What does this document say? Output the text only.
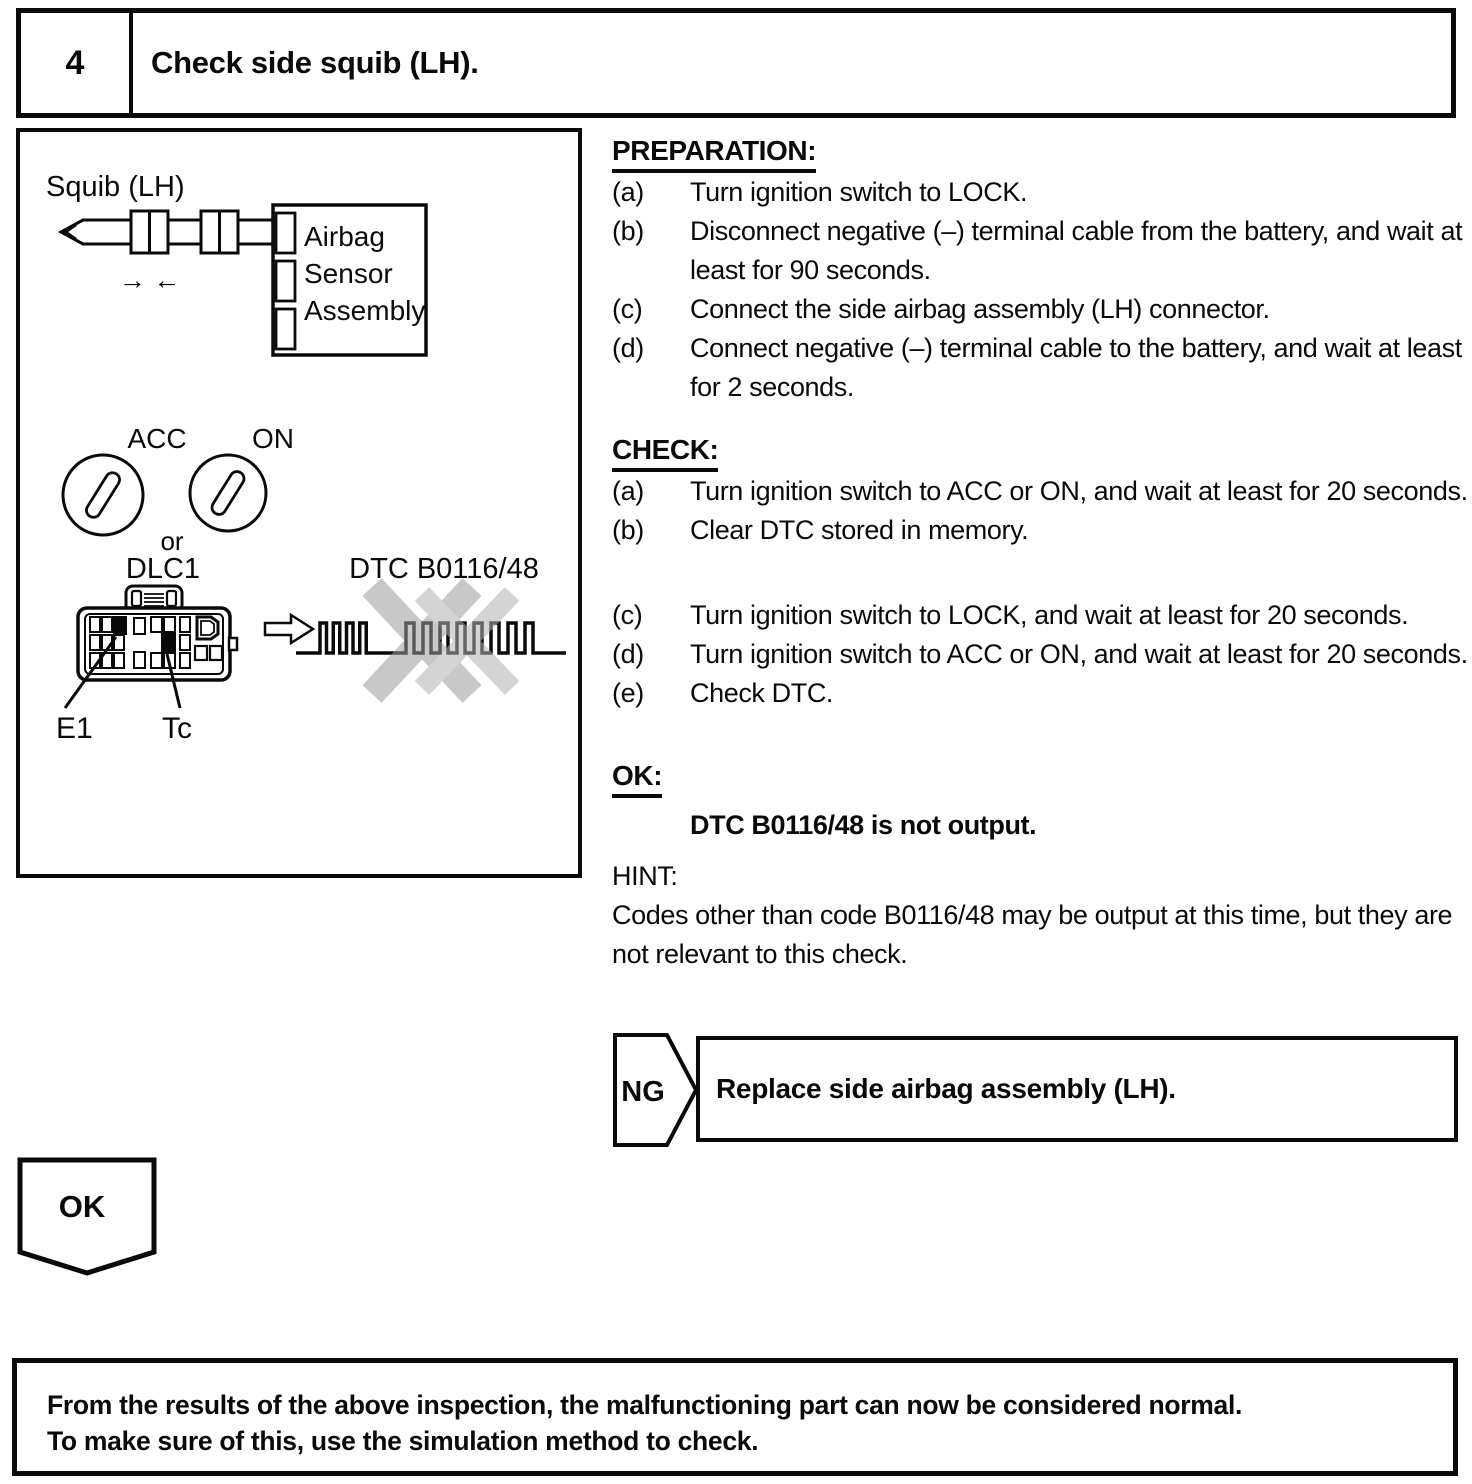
4	Check side squib (LH).
Squib (LH)
Airbag
Sensor
Assembly
→ ←
ACC ON
or
DLC1	DTC B0116/48
E1 Tc
PREPARATION:
(a)	Turn ignition switch to LOCK.
(b)	Disconnect negative (–) terminal cable from the battery, and wait at least for 90 seconds.
(c)	Connect the side airbag assembly (LH) connector.
(d)	Connect negative (–) terminal cable to the battery, and wait at least for 2 seconds.
CHECK:
(a)	Turn ignition switch to ACC or ON, and wait at least for 20 seconds.
(b)	Clear DTC stored in memory.
(c)	Turn ignition switch to LOCK, and wait at least for 20 seconds.
(d)	Turn ignition switch to ACC or ON, and wait at least for 20 seconds.
(e)	Check DTC.
OK:
DTC B0116/48 is not output.
HINT:
Codes other than code B0116/48 may be output at this time, but they are not relevant to this check.
NG Replace side airbag assembly (LH).
OK
From the results of the above inspection, the malfunctioning part can now be considered normal.
To make sure of this, use the simulation method to check.
